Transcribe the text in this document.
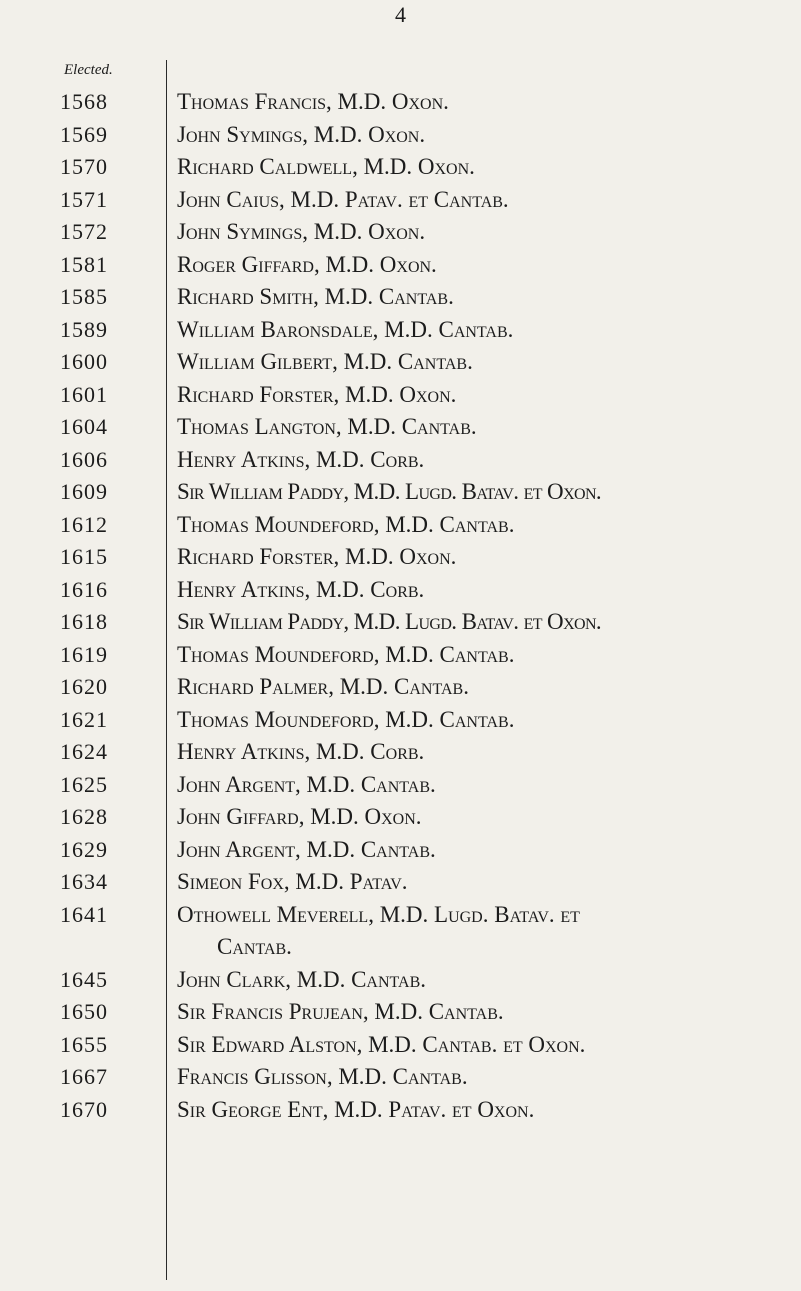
4
Elected.
1568	Thomas Francis, M.D. Oxon.
1569	John Symings, M.D. Oxon.
1570	Richard Caldwell, M.D. Oxon.
1571	John Caius, M.D. Patav. et Cantab.
1572	John Symings, M.D. Oxon.
1581	Roger Giffard, M.D. Oxon.
1585	Richard Smith, M.D. Cantab.
1589	William Baronsdale, M.D. Cantab.
1600	William Gilbert, M.D. Cantab.
1601	Richard Forster, M.D. Oxon.
1604	Thomas Langton, M.D. Cantab.
1606	Henry Atkins, M.D. Corb.
1609	Sir William Paddy, M.D. Lugd. Batav. et Oxon.
1612	Thomas Moundeford, M.D. Cantab.
1615	Richard Forster, M.D. Oxon.
1616	Henry Atkins, M.D. Corb.
1618	Sir William Paddy, M.D. Lugd. Batav. et Oxon.
1619	Thomas Moundeford, M.D. Cantab.
1620	Richard Palmer, M.D. Cantab.
1621	Thomas Moundeford, M.D. Cantab.
1624	Henry Atkins, M.D. Corb.
1625	John Argent, M.D. Cantab.
1628	John Giffard, M.D. Oxon.
1629	John Argent, M.D. Cantab.
1634	Simeon Fox, M.D. Patav.
1641	Othowell Meverell, M.D. Lugd. Batav. et
Cantab.
1645	John Clark, M.D. Cantab.
1650	Sir Francis Prujean, M.D. Cantab.
1655	Sir Edward Alston, M.D. Cantab. et Oxon.
1667	Francis Glisson, M.D. Cantab.
1670	Sir George Ent, M.D. Patav. et Oxon.
